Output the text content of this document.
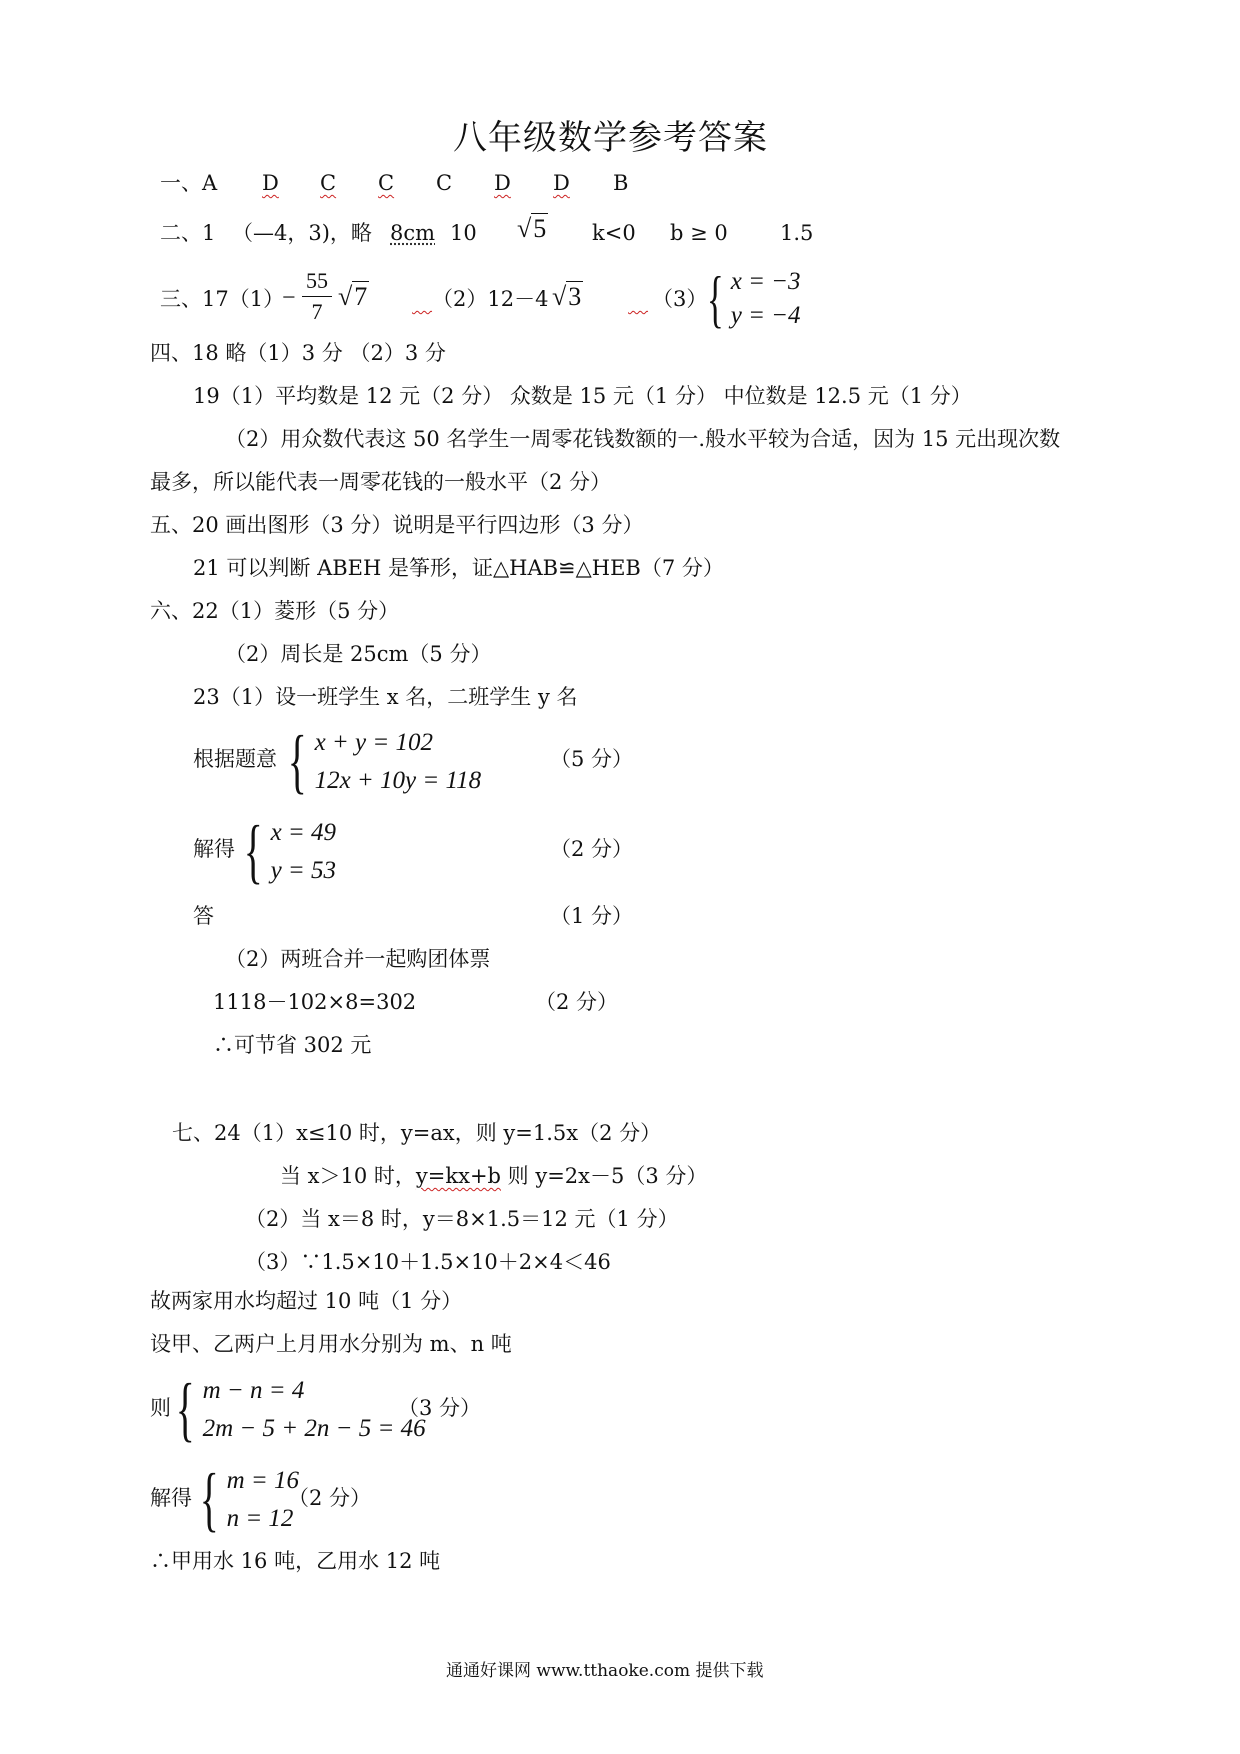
八年级数学参考答案
一、A D C C C D D B
二、1 （—4，3)，略 8cm 10 √5 k<0 b ≥ 0 1.5
三、17（1）
−
55
7
√7
	（2）12－4 √3
	（3） { x = −3
y = −4
四、18 略（1）3 分 （2）3 分
19（1）平均数是 12 元（2 分） 众数是 15 元（1 分） 中位数是 12.5 元（1 分）
（2）用众数代表这 50 名学生一周零花钱数额的一.般水平较为合适，因为 15 元出现次数
最多，所以能代表一周零花钱的一般水平（2 分）
五、20 画出图形（3 分）说明是平行四边形（3 分）
21 可以判断 ABEH 是筝形，证△HAB≌△HEB（7 分）
六、22（1）菱形（5 分）
（2）周长是 25cm（5 分）
23（1）设一班学生 x 名，二班学生 y 名
根据题意 { x + y = 102
12x + 10y = 118
（5 分）
解得 { x = 49
y = 53
（2 分）
答	（1 分）
（2）两班合并一起购团体票
1118－102×8=302	（2 分）
∴可节省 302 元
七、24（1）x≤10 时，y=ax，则 y=1.5x（2 分）
当 x＞10 时，y=kx+b 则 y=2x－5（3 分）
（2）当 x＝8 时，y＝8×1.5＝12 元（1 分）
（3）∵1.5×10＋1.5×10＋2×4＜46
故两家用水均超过 10 吨（1 分）
设甲、乙两户上月用水分别为 m、n 吨
则 { m − n = 4
2m − 5 + 2n − 5 = 46
（3 分）
解得 { m = 16
n = 12
（2 分）
∴甲用水 16 吨，乙用水 12 吨
通通好课网 www.tthaoke.com 提供下载
